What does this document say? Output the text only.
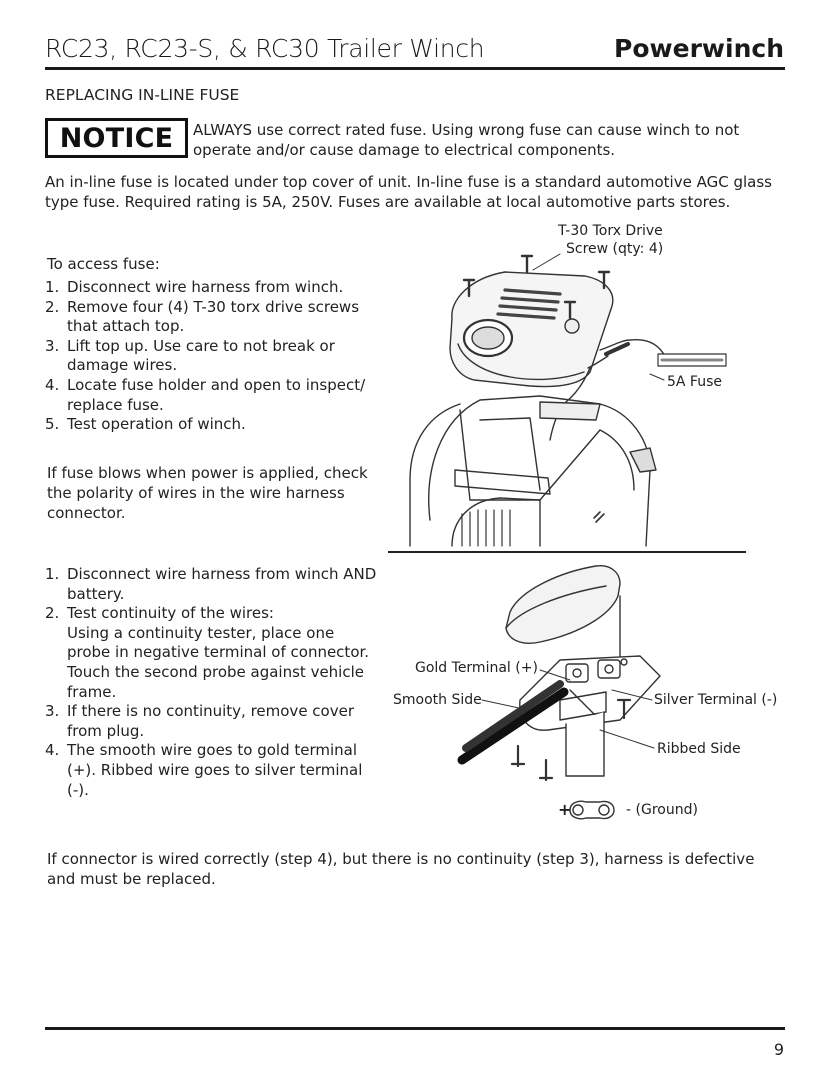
RC23, RC23-S, & RC30 Trailer Winch	Powerwinch
REPLACING IN-LINE FUSE
NOTICE ALWAYS use correct rated fuse. Using wrong fuse can cause winch to not operate and/or cause damage to electrical components.
An in-line fuse is located under top cover of unit. In-line fuse is a standard automotive AGC glass type fuse. Required rating is 5A, 250V. Fuses are available at local automotive parts stores.
To access fuse:
1. Disconnect wire harness from winch.
2. Remove four (4) T-30 torx drive screws that attach top.
3. Lift top up. Use care to not break or damage wires.
4. Locate fuse holder and open to inspect/ replace fuse.
5. Test operation of winch.
If fuse blows when power is applied, check the polarity of wires in the wire harness connector.
1. Disconnect wire harness from winch AND battery.
2. Test continuity of the wires:
Using a continuity tester, place one probe in negative terminal of connector. Touch the second probe against vehicle frame.
3. If there is no continuity, remove cover from plug.
4. The smooth wire goes to gold terminal (+). Ribbed wire goes to silver terminal (-).
If connector is wired correctly (step 4), but there is no continuity (step 3), harness is defective and must be replaced.
T-30 Torx Drive
Screw (qty: 4)
5A Fuse
Gold Terminal (+)
Smooth Side	Silver Terminal (-)
Ribbed Side
+	- (Ground)
9
